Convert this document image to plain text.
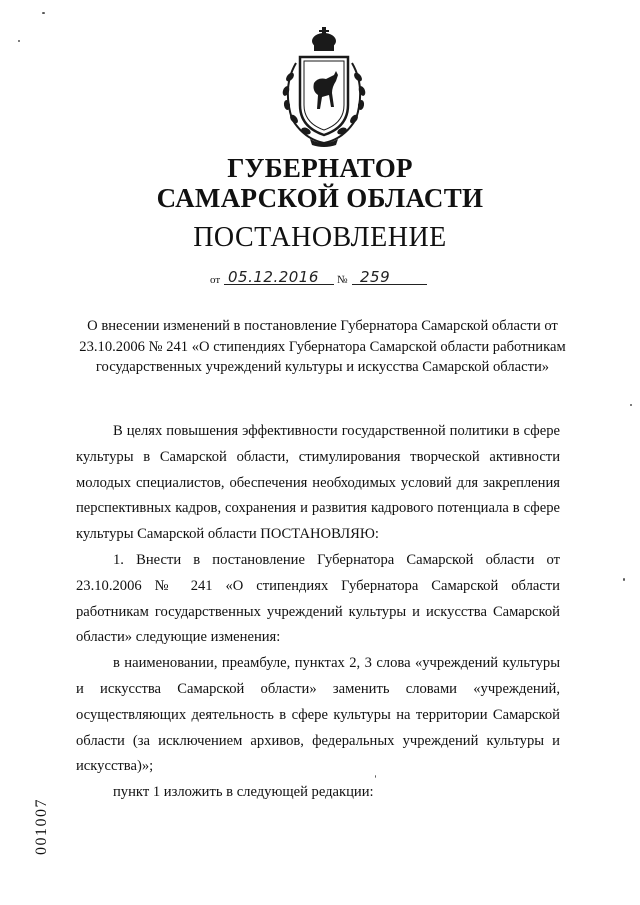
ГУБЕРНАТОР
САМАРСКОЙ ОБЛАСТИ
ПОСТАНОВЛЕНИЕ
от 05.12.2016 № 259
О внесении изменений в постановление Губернатора Самарской области от 23.10.2006 № 241 «О стипендиях Губернатора Самарской области работникам государственных учреждений культуры и искусства Самарской области»

В целях повышения эффективности государственной политики в сфере культуры в Самарской области, стимулирования творческой активности молодых специалистов, обеспечения необходимых условий для закрепления перспективных кадров, сохранения и развития кадрового потенциала в сфере культуры Самарской области ПОСТАНОВЛЯЮ:

1. Внести в постановление Губернатора Самарской области от 23.10.2006 № 241 «О стипендиях Губернатора Самарской области работникам государственных учреждений культуры и искусства Самарской области» следующие изменения:

в наименовании, преамбуле, пунктах 2, 3 слова «учреждений культуры и искусства Самарской области» заменить словами «учреждений, осуществляющих деятельность в сфере культуры на территории Самарской области (за исключением архивов, федеральных учреждений культуры и искусства)»;

пункт 1 изложить в следующей редакции:

001007
